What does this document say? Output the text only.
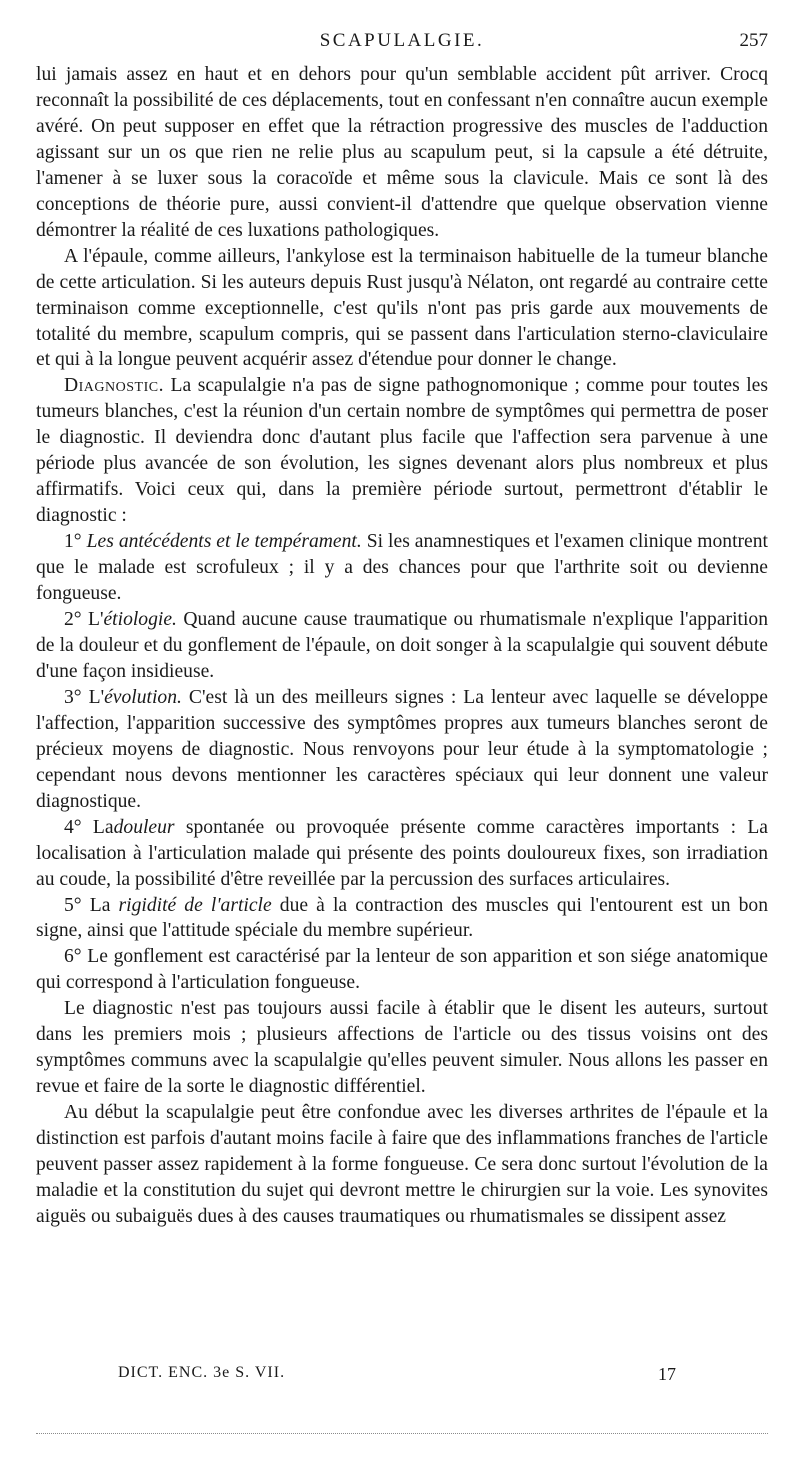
SCAPULALGIE.	257

lui jamais assez en haut et en dehors pour qu'un semblable accident pût arriver. Crocq reconnaît la possibilité de ces déplacements, tout en confessant n'en connaître aucun exemple avéré. On peut supposer en effet que la rétraction progressive des muscles de l'adduction agissant sur un os que rien ne relie plus au scapulum peut, si la capsule a été détruite, l'amener à se luxer sous la coracoïde et même sous la clavicule. Mais ce sont là des conceptions de théorie pure, aussi convient-il d'attendre que quelque observation vienne démontrer la réalité de ces luxations pathologiques.

A l'épaule, comme ailleurs, l'ankylose est la terminaison habituelle de la tumeur blanche de cette articulation. Si les auteurs depuis Rust jusqu'à Nélaton, ont regardé au contraire cette terminaison comme exceptionnelle, c'est qu'ils n'ont pas pris garde aux mouvements de totalité du membre, scapulum compris, qui se passent dans l'articulation sterno-claviculaire et qui à la longue peuvent acquérir assez d'étendue pour donner le change.

Diagnostic. La scapulalgie n'a pas de signe pathognomonique ; comme pour toutes les tumeurs blanches, c'est la réunion d'un certain nombre de symptômes qui permettra de poser le diagnostic. Il deviendra donc d'autant plus facile que l'affection sera parvenue à une période plus avancée de son évolution, les signes devenant alors plus nombreux et plus affirmatifs. Voici ceux qui, dans la première période surtout, permettront d'établir le diagnostic :

1° Les antécédents et le tempérament. Si les anamnestiques et l'examen clinique montrent que le malade est scrofuleux ; il y a des chances pour que l'arthrite soit ou devienne fongueuse.

2° L'étiologie. Quand aucune cause traumatique ou rhumatismale n'explique l'apparition de la douleur et du gonflement de l'épaule, on doit songer à la scapulalgie qui souvent débute d'une façon insidieuse.

3° L'évolution. C'est là un des meilleurs signes : La lenteur avec laquelle se développe l'affection, l'apparition successive des symptômes propres aux tumeurs blanches seront de précieux moyens de diagnostic. Nous renvoyons pour leur étude à la symptomatologie ; cependant nous devons mentionner les caractères spéciaux qui leur donnent une valeur diagnostique.

4° Ladouleur spontanée ou provoquée présente comme caractères importants : La localisation à l'articulation malade qui présente des points douloureux fixes, son irradiation au coude, la possibilité d'être reveillée par la percussion des surfaces articulaires.

5° La rigidité de l'article due à la contraction des muscles qui l'entourent est un bon signe, ainsi que l'attitude spéciale du membre supérieur.

6° Le gonflement est caractérisé par la lenteur de son apparition et son siége anatomique qui correspond à l'articulation fongueuse.

Le diagnostic n'est pas toujours aussi facile à établir que le disent les auteurs, surtout dans les premiers mois ; plusieurs affections de l'article ou des tissus voisins ont des symptômes communs avec la scapulalgie qu'elles peuvent simuler. Nous allons les passer en revue et faire de la sorte le diagnostic différentiel.

Au début la scapulalgie peut être confondue avec les diverses arthrites de l'épaule et la distinction est parfois d'autant moins facile à faire que des inflammations franches de l'article peuvent passer assez rapidement à la forme fongueuse. Ce sera donc surtout l'évolution de la maladie et la constitution du sujet qui devront mettre le chirurgien sur la voie. Les synovites aiguës ou subaiguës dues à des causes traumatiques ou rhumatismales se dissipent assez

DICT. ENC. 3e S. VII.	17
